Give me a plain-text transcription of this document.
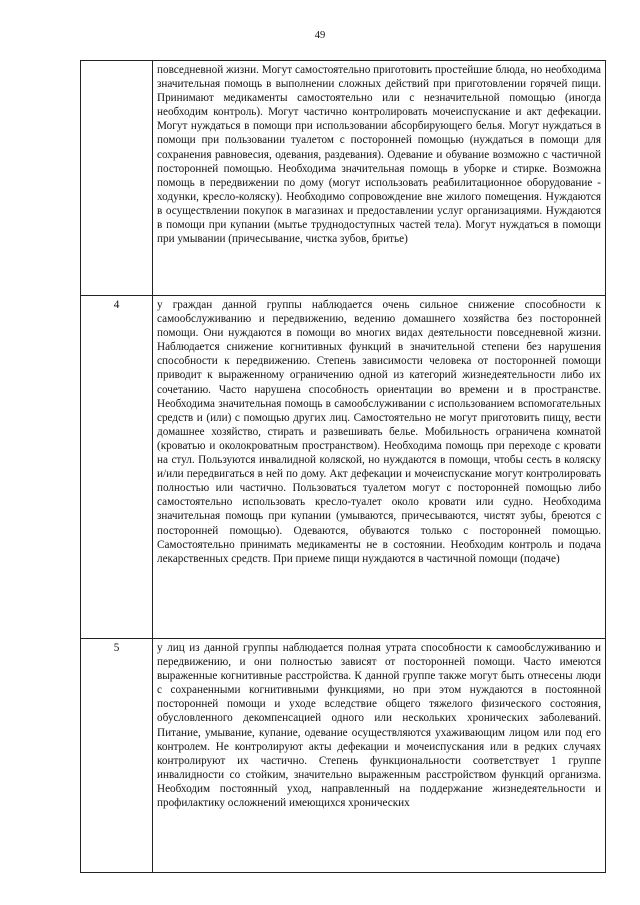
49
	повседневной жизни. Могут самостоятельно приготовить простейшие блюда, но необходима значительная помощь в выполнении сложных действий при приготовлении горячей пищи. Принимают медикаменты самостоятельно или с незначительной помощью (иногда необходим контроль). Могут частично контролировать мочеиспускание и акт дефекации. Могут нуждаться в помощи при использовании абсорбирующего белья. Могут нуждаться в помощи при пользовании туалетом с посторонней помощью (нуждаться в помощи для сохранения равновесия, одевания, раздевания). Одевание и обувание возможно с частичной посторонней помощью. Необходима значительная помощь в уборке и стирке. Возможна помощь в передвижении по дому (могут использовать реабилитационное оборудование - ходунки, кресло-коляску). Необходимо сопровождение вне жилого помещения. Нуждаются в осуществлении покупок в магазинах и предоставлении услуг организациями. Нуждаются в помощи при купании (мытье труднодоступных частей тела). Могут нуждаться в помощи при умывании (причесывание, чистка зубов, бритье)
4	у граждан данной группы наблюдается очень сильное снижение способности к самообслуживанию и передвижению, ведению домашнего хозяйства без посторонней помощи. Они нуждаются в помощи во многих видах деятельности повседневной жизни. Наблюдается снижение когнитивных функций в значительной степени без нарушения способности к передвижению. Степень зависимости человека от посторонней помощи приводит к выраженному ограничению одной из категорий жизнедеятельности либо их сочетанию. Часто нарушена способность ориентации во времени и в пространстве. Необходима значительная помощь в самообслуживании с использованием вспомогательных средств и (или) с помощью других лиц. Самостоятельно не могут приготовить пищу, вести домашнее хозяйство, стирать и развешивать белье. Мобильность ограничена комнатой (кроватью и околокроватным пространством). Необходима помощь при переходе с кровати на стул. Пользуются инвалидной коляской, но нуждаются в помощи, чтобы сесть в коляску и/или передвигаться в ней по дому. Акт дефекации и мочеиспускание могут контролировать полностью или частично. Пользоваться туалетом могут с посторонней помощью либо самостоятельно использовать кресло-туалет около кровати или судно. Необходима значительная помощь при купании (умываются, причесываются, чистят зубы, бреются с посторонней помощью). Одеваются, обуваются только с посторонней помощью. Самостоятельно принимать медикаменты не в состоянии. Необходим контроль и подача лекарственных средств. При приеме пищи нуждаются в частичной помощи (подаче)
5	у лиц из данной группы наблюдается полная утрата способности к самообслуживанию и передвижению, и они полностью зависят от посторонней помощи. Часто имеются выраженные когнитивные расстройства. К данной группе также могут быть отнесены люди с сохраненными когнитивными функциями, но при этом нуждаются в постоянной посторонней помощи и уходе вследствие общего тяжелого физического состояния, обусловленного декомпенсацией одного или нескольких хронических заболеваний. Питание, умывание, купание, одевание осуществляются ухаживающим лицом или под его контролем. Не контролируют акты дефекации и мочеиспускания или в редких случаях контролируют их частично. Степень функциональности соответствует 1 группе инвалидности со стойким, значительно выраженным расстройством функций организма. Необходим постоянный уход, направленный на поддержание жизнедеятельности и профилактику осложнений имеющихся хронических
